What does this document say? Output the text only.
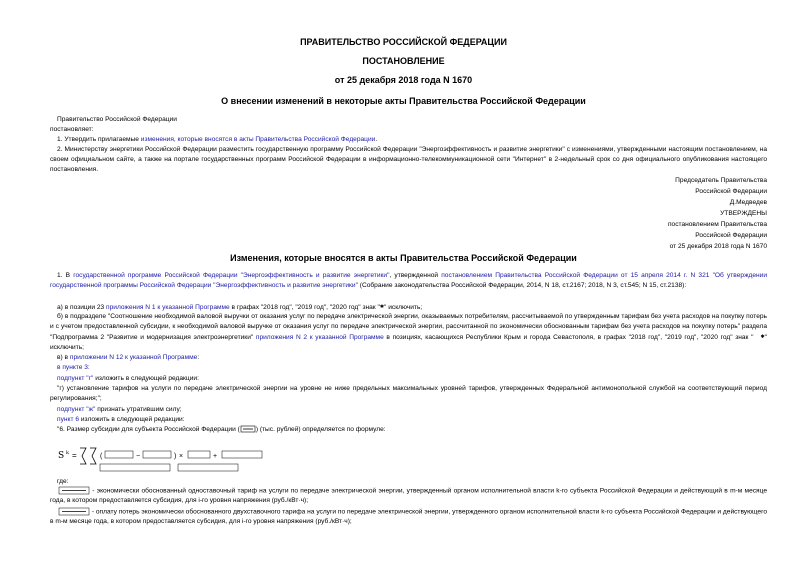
ПРАВИТЕЛЬСТВО РОССИЙСКОЙ ФЕДЕРАЦИИ
ПОСТАНОВЛЕНИЕ
от 25 декабря 2018 года N 1670
О внесении изменений в некоторые акты Правительства Российской Федерации
Правительство Российской Федерации
постановляет:
1. Утвердить прилагаемые изменения, которые вносятся в акты Правительства Российской Федерации.
2. Министерству энергетики Российской Федерации разместить государственную программу Российской Федерации "Энергоэффективность и развитие энергетики" с изменениями, утвержденными настоящим постановлением, на своем официальном сайте, а также на портале государственных программ Российской Федерации в информационно-телекоммуникационной сети "Интернет" в 2-недельный срок со дня официального опубликования настоящего постановления.
Председатель Правительства
Российской Федерации
Д.Медведев
УТВЕРЖДЕНЫ
постановлением Правительства
Российской Федерации
от 25 декабря 2018 года N 1670
Изменения, которые вносятся в акты Правительства Российской Федерации
1. В государственной программе Российской Федерации "Энергоэффективность и развитие энергетики", утвержденной постановлением Правительства Российской Федерации от 15 апреля 2014 г. N 321 "Об утверждении государственной программы Российской Федерации "Энергоэффективность и развитие энергетики" (Собрание законодательства Российской Федерации, 2014, N 18, ст.2167; 2018, N 3, ст.545; N 15, ст.2138):
а) в позиции 23 приложения N 1 к указанной Программе в графах "2018 год", "2019 год", "2020 год" знак "✱" исключить;
б) в подразделе "Соотношение необходимой валовой выручки от оказания услуг по передаче электрической энергии, оказываемых потребителям, рассчитываемой по утвержденным тарифам без учета расходов на покупку потерь и с учетом предоставленной субсидии, к необходимой валовой выручке от оказания услуг по передаче электрической энергии, рассчитанной по экономически обоснованным тарифам без учета расходов на покупку потерь" раздела "Подпрограмма 2 "Развитие и модернизация электроэнергетики" приложения N 2 к указанной Программе в позициях, касающихся Республики Крым и города Севастополя, в графах "2018 год", "2019 год", "2020 год" знак " ✱" исключить;
в) в приложении N 12 к указанной Программе:
в пункте 3:
подпункт "г" изложить в следующей редакции:
"г) установление тарифов на услуги по передаче электрической энергии на уровне не ниже предельных максимальных уровней тарифов, утвержденных Федеральной антимонопольной службой на соответствующий период регулирования;";
подпункт "ж" признать утратившим силу;
пункт 6 изложить в следующей редакции:
"6. Размер субсидии для субъекта Российской Федерации ( ) (тыс. рублей) определяется по формуле:
S k =	(	−	) ×	+
где:
- экономически обоснованный одноставочный тариф на услуги по передаче электрической энергии, утвержденный органом исполнительной власти k-го субъекта Российской Федерации и действующий в m-м месяце года, в котором предоставляется субсидия, для i-го уровня напряжения (руб./кВт·ч);
- оплату потерь экономически обоснованного двухставочного тарифа на услуги по передаче электрической энергии, утвержденного органом исполнительной власти k-го субъекта Российской Федерации и действующего в m-м месяце года, в котором предоставляется субсидия, для i-го уровня напряжения (руб./кВт·ч);
